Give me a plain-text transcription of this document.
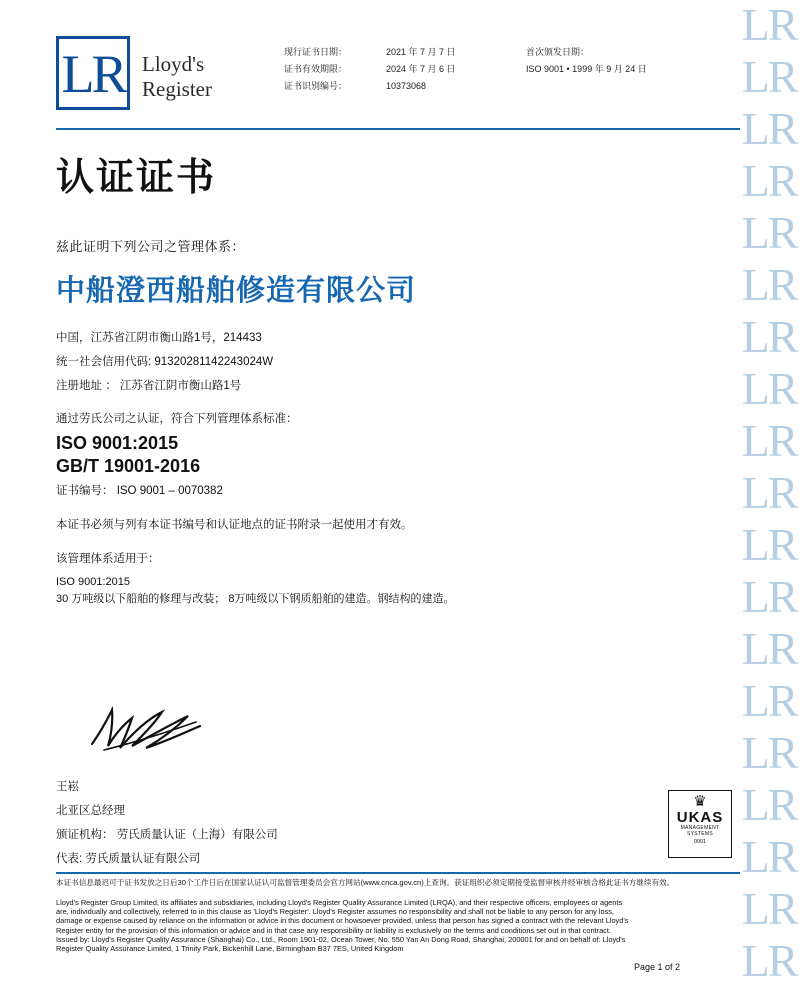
LR
LR
LR
LR
LR
LR
LR
LR
LR
LR
LR
LR
LR
LR
LR
LR
LR
LR
LR
LR Lloyd's
Register
现行证书日期：
证书有效期限：
证书识别编号：
2021 年 7 月 7 日
2024 年 7 月 6 日
10373068
首次颁发日期：
ISO 9001 • 1999 年 9 月 24 日
认证证书
兹此证明下列公司之管理体系：
中船澄西船舶修造有限公司
中国，江苏省江阴市衡山路1号，214433
统一社会信用代码: 91320281142243024W
注册地址 ： 江苏省江阴市衡山路1号
通过劳氏公司之认证，符合下列管理体系标准：
ISO 9001:2015
GB/T 19001-2016
证书编号： ISO 9001 – 0070382
本证书必须与列有本证书编号和认证地点的证书附录一起使用才有效。
该管理体系适用于：
ISO 9001:2015
30 万吨级以下船舶的修理与改装； 8万吨级以下钢质船舶的建造。钢结构的建造。
王崧
北亚区总经理
颁证机构： 劳氏质量认证（上海）有限公司
代表: 劳氏质量认证有限公司
♛
UKAS
MANAGEMENT
SYSTEMS
0001
本证书信息最迟可于证书发放之日后30个工作日后在国家认证认可监督管理委员会官方网站(www.cnca.gov.cn)上查询。获证组织必须定期接受监督审核并经审核合格此证书方继续有效。

Lloyd's Register Group Limited, its affiliates and subsidiaries, including Lloyd's Register Quality Assurance Limited (LRQA), and their respective officers, employees or agents

are, individually and collectively, referred to in this clause as 'Lloyd's Register'. Lloyd's Register assumes no responsibility and shall not be liable to any person for any loss,

damage or expense caused by reliance on the information or advice in this document or howsoever provided, unless that person has signed a contract with the relevant Lloyd's

Register entity for the provision of this information or advice and in that case any responsibility or liability is exclusively on the terms and conditions set out in that contract.

Issued by: Lloyd's Register Quality Assurance (Shanghai) Co., Ltd., Room 1901-02, Ocean Tower, No. 550 Yan An Dong Road, Shanghai, 200001 for and on behalf of: Lloyd's

Register Quality Assurance Limited, 1 Trinity Park, Bickenhill Lane, Birmingham B37 7ES, United Kingdom

Page 1 of 2
